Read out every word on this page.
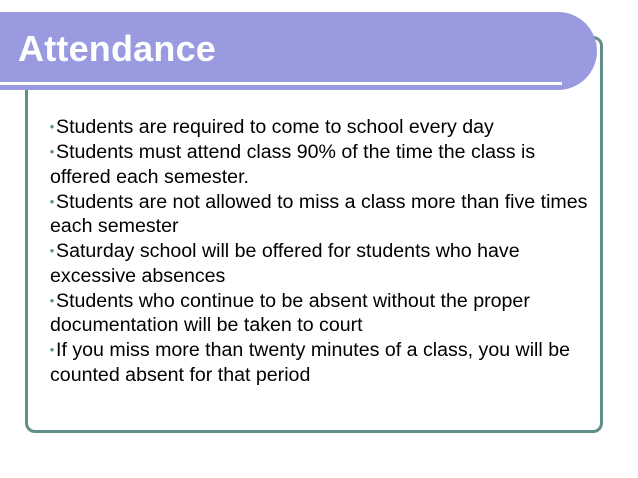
Attendance
• Students are required to come to school every day
• Students must attend class 90% of the time the class is offered each semester.
• Students are not allowed to miss a class more than five times each semester
• Saturday school will be offered for students who have excessive absences
• Students who continue to be absent without the proper documentation will be taken to court
• If you miss more than twenty minutes of a class, you will be counted absent for that period
